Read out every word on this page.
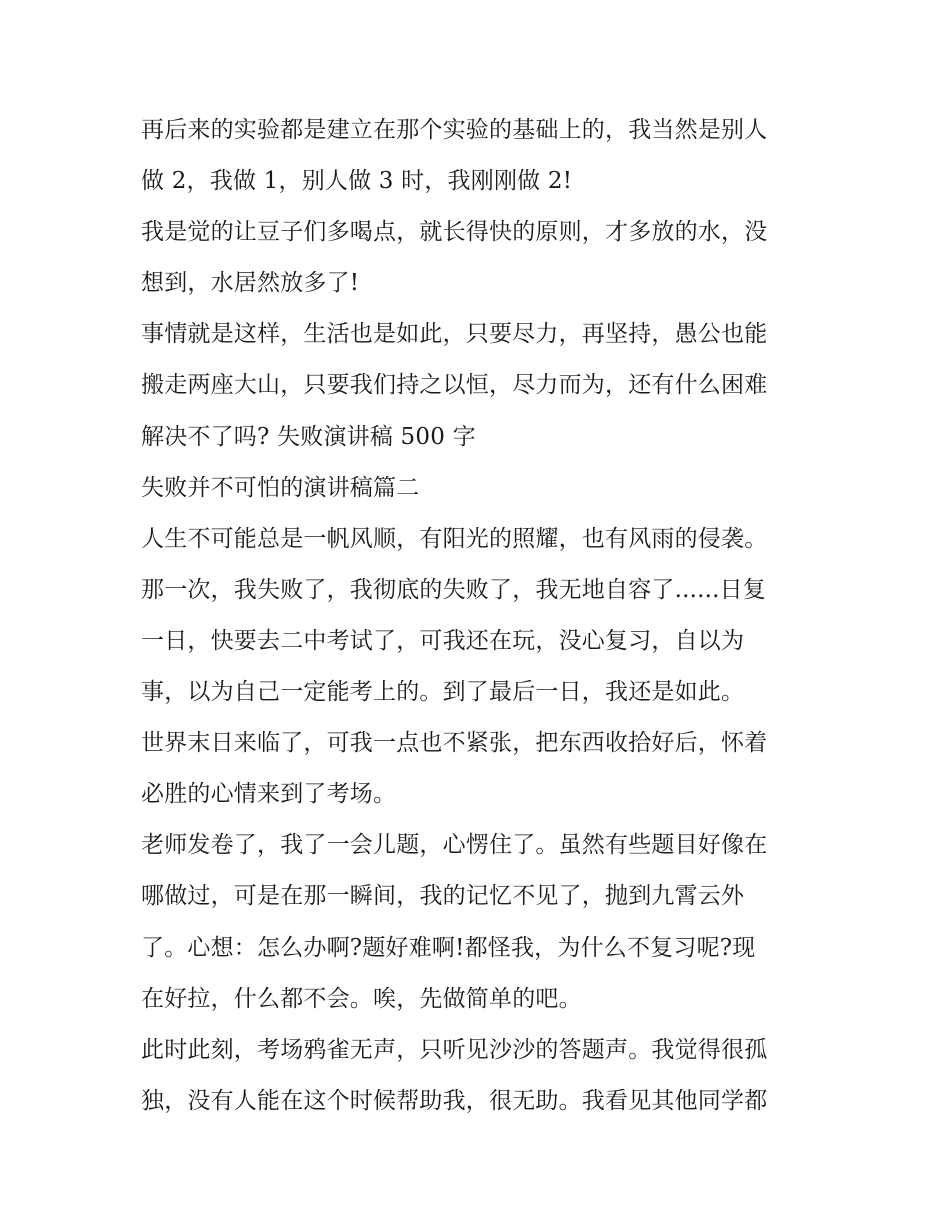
再后来的实验都是建立在那个实验的基础上的，我当然是别人
做 2，我做 1，别人做 3 时，我刚刚做 2!
我是觉的让豆子们多喝点，就长得快的原则，才多放的水，没
想到，水居然放多了!
事情就是这样，生活也是如此，只要尽力，再坚持，愚公也能
搬走两座大山，只要我们持之以恒，尽力而为，还有什么困难
解决不了吗? 失败演讲稿 500 字
失败并不可怕的演讲稿篇二
人生不可能总是一帆风顺，有阳光的照耀，也有风雨的侵袭。
那一次，我失败了，我彻底的失败了，我无地自容了......日复
一日，快要去二中考试了，可我还在玩，没心复习，自以为
事，以为自己一定能考上的。到了最后一日，我还是如此。
世界末日来临了，可我一点也不紧张，把东西收拾好后，怀着
必胜的心情来到了考场。
老师发卷了，我了一会儿题，心愣住了。虽然有些题目好像在
哪做过，可是在那一瞬间，我的记忆不见了，抛到九霄云外
了。心想：怎么办啊?题好难啊!都怪我，为什么不复习呢?现
在好拉，什么都不会。唉，先做简单的吧。
此时此刻，考场鸦雀无声，只听见沙沙的答题声。我觉得很孤
独，没有人能在这个时候帮助我，很无助。我看见其他同学都
